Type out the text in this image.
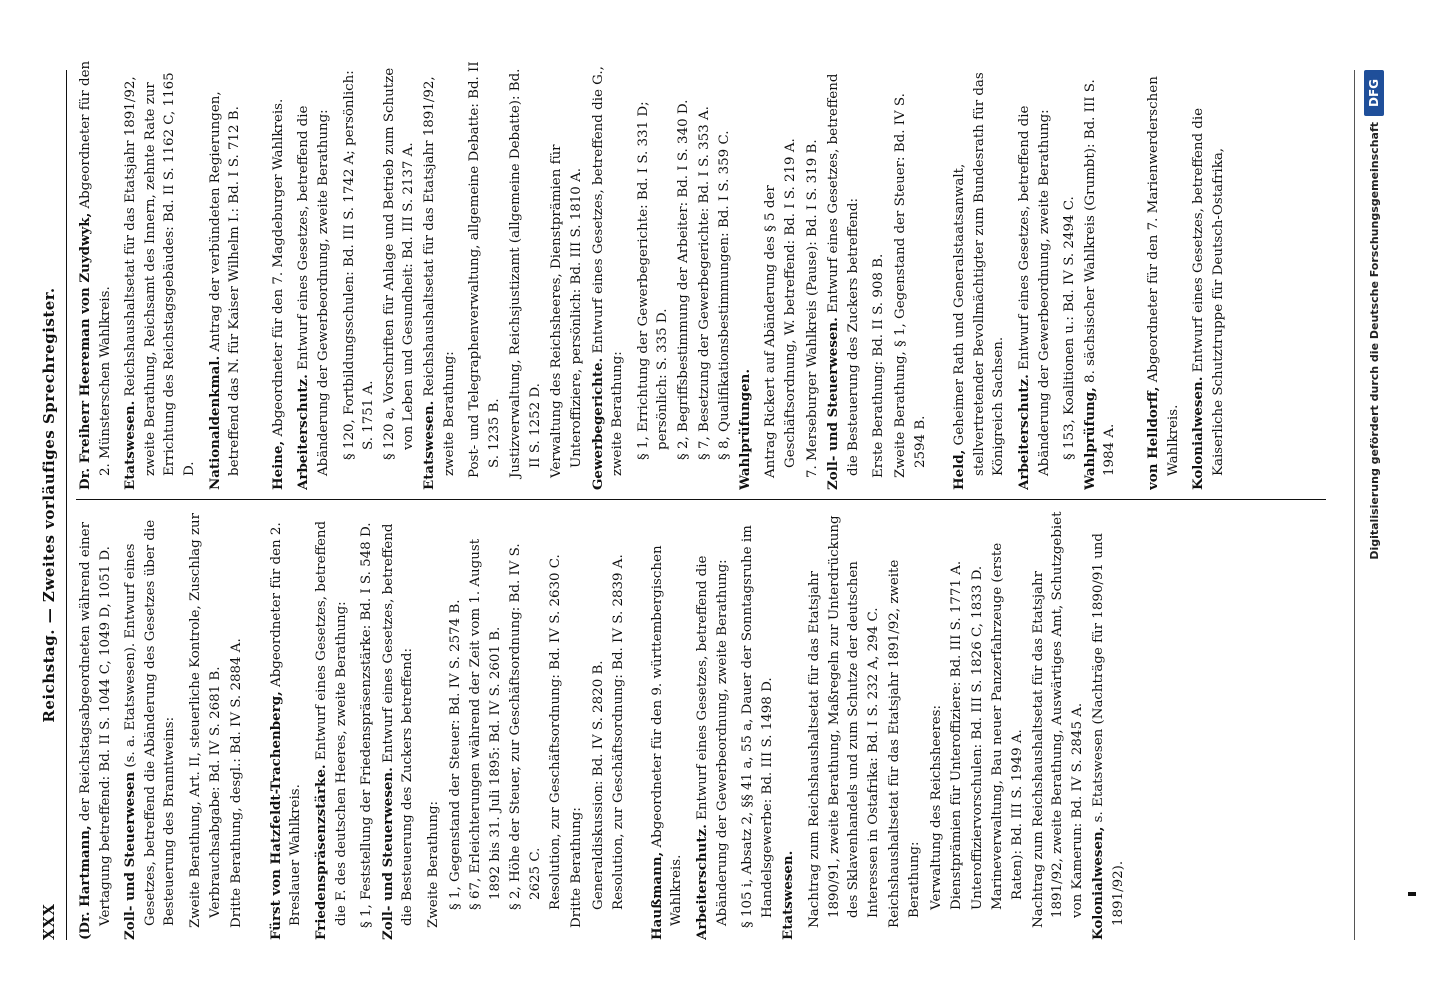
XXX
Reichstag. — Zweites vorläufiges Sprechregister.
(Dr. Hartmann, der Reichstagsabgeordneten während einer Vertagung betreffend: Bd. II S. 1044 C, 1049 D, 1051 D. Zoll- und Steuerwesen (s. a. Etatswesen). Entwurf eines Gesetzes, betreffend die Abänderung des Gesetzes über die Besteuerung des Branntweins: Zweite Berathung, Art. II, steuerliche Kontrole, Zuschlag zur Verbrauchsabgabe: Bd. IV S. 2681 B. Dritte Berathung, desgl.: Bd. IV S. 2884 A. Fürst von Hatzfeldt-Trachenberg, Abgeordneter für den 2. Breslauer Wahlkreis. Friedenspräsenzstärke. Entwurf eines Gesetzes, betreffend die F. des deutschen Heeres, zweite Berathung: § 1, Feststellung der Friedenspräsenzstärke: Bd. I S. 548 D. Zoll- und Steuerwesen. Entwurf eines Gesetzes, betreffend die Besteuerung des Zuckers betreffend: Zweite Berathung: § 1, Gegenstand der Steuer: Bd. IV S. 2574 B. § 67, Erleichterungen während der Zeit vom 1. August 1892 bis 31. Juli 1895: Bd. IV S. 2601 B. § 2, Höhe der Steuer, zur Geschäftsordnung: Bd. IV S. 2625 C. Resolution, zur Geschäftsordnung: Bd. IV S. 2630 C. Dritte Berathung: Generaldiskussion: Bd. IV S. 2820 B. Resolution, zur Geschäftsordnung: Bd. IV S. 2839 A. Haußmann, Abgeordneter für den 9. württembergischen Wahlkreis. Arbeiterschutz. Entwurf eines Gesetzes, betreffend die Abänderung der Gewerbeordnung, zweite Berathung: § 105 i, Absatz 2, §§ 41 a, 55 a, Dauer der Sonntagsruhe im Handelsgewerbe: Bd. III S. 1498 D. Etatswesen. Nachtrag zum Reichshaushaltsetat für das Etatsjahr 1890/91, zweite Berathung, Maßregeln zur Unterdrückung des Sklavenhandels und zum Schutze der deutschen Interessen in Ostafrika: Bd. I S. 232 A, 294 C. Reichshaushaltsetat für das Etatsjahr 1891/92, zweite Berathung: Verwaltung des Reichsheeres: Dienstprämien für Unteroffiziere: Bd. III S. 1771 A. Unteroffiziervorschulen: Bd. III S. 1826 C, 1833 D. Marineverwaltung, Bau neuer Panzerfahrzeuge (erste Raten): Bd. III S. 1949 A. Nachtrag zum Reichshaushaltsetat für das Etatsjahr 1891/92, zweite Berathung, Auswärtiges Amt, Schutzgebiet von Kamerun: Bd. IV S. 2845 A. Kolonialwesen, s. Etatswesen (Nachträge für 1890/91 und 1891/92).
Dr. Freiherr Heereman von Zuydwyk, Abgeordneter für den 2. Münsterschen Wahlkreis. Etatswesen. Reichshaushaltsetat für das Etatsjahr 1891/92, zweite Berathung, Reichsamt des Innern, zehnte Rate zur Errichtung des Reichstagsgebäudes: Bd. II S. 1162 C, 1165 D. Nationaldenkmal. Antrag der verbündeten Regierungen, betreffend das N. für Kaiser Wilhelm I.: Bd. I S. 712 B. Heine, Abgeordneter für den 7. Magdeburger Wahlkreis. Arbeiterschutz. Entwurf eines Gesetzes, betreffend die Abänderung der Gewerbeordnung, zweite Berathung: § 120, Fortbildungsschulen: Bd. III S. 1742 A; persönlich: S. 1751 A. § 120 a, Vorschriften für Anlage und Betrieb zum Schutze von Leben und Gesundheit: Bd. III S. 2137 A. Etatswesen. Reichshaushaltsetat für das Etatsjahr 1891/92, zweite Berathung: Post- und Telegraphenverwaltung, allgemeine Debatte: Bd. II S. 1235 B. Justizverwaltung, Reichsjustizamt (allgemeine Debatte): Bd. II S. 1252 D. Verwaltung des Reichsheeres, Dienstprämien für Unteroffiziere, persönlich: Bd. III S. 1810 A. Gewerbegerichte. Entwurf eines Gesetzes, betreffend die G., zweite Berathung: § 1, Errichtung der Gewerbegerichte: Bd. I S. 331 D; persönlich: S. 335 D. § 2, Begriffsbestimmung der Arbeiter: Bd. I S. 340 D. § 7, Besetzung der Gewerbegerichte: Bd. I S. 353 A. § 8, Qualifikationsbestimmungen: Bd. I S. 359 C. Wahlprüfungen. Antrag Rickert auf Abänderung des § 5 der Geschäftsordnung, W. betreffend: Bd. I S. 219 A. 7. Merseburger Wahlkreis (Pause): Bd. I S. 319 B. Zoll- und Steuerwesen. Entwurf eines Gesetzes, betreffend die Besteuerung des Zuckers betreffend: Erste Berathung: Bd. II S. 908 B. Zweite Berathung, § 1, Gegenstand der Steuer: Bd. IV S. 2594 B.
Held, Geheimer Rath und Generalstaatsanwalt, stellvertretender Bevollmächtigter zum Bundesrath für das Königreich Sachsen. Arbeiterschutz. Entwurf eines Gesetzes, betreffend die Abänderung der Gewerbeordnung, zweite Berathung: § 153, Koalitionen u.: Bd. IV S. 2494 C. Wahlprüfung, 8. sächsischer Wahlkreis (Grumbt): Bd. III S. 1984 A. von Helldorff, Abgeordneter für den 7. Marienwerderschen Wahlkreis. Kolonialwesen. Entwurf eines Gesetzes, betreffend die Kaiserliche Schutztruppe für Deutsch-Ostafrika,	Digitalisierung gefördert durch die Deutsche Forschungsgemeinschaft
DFG
